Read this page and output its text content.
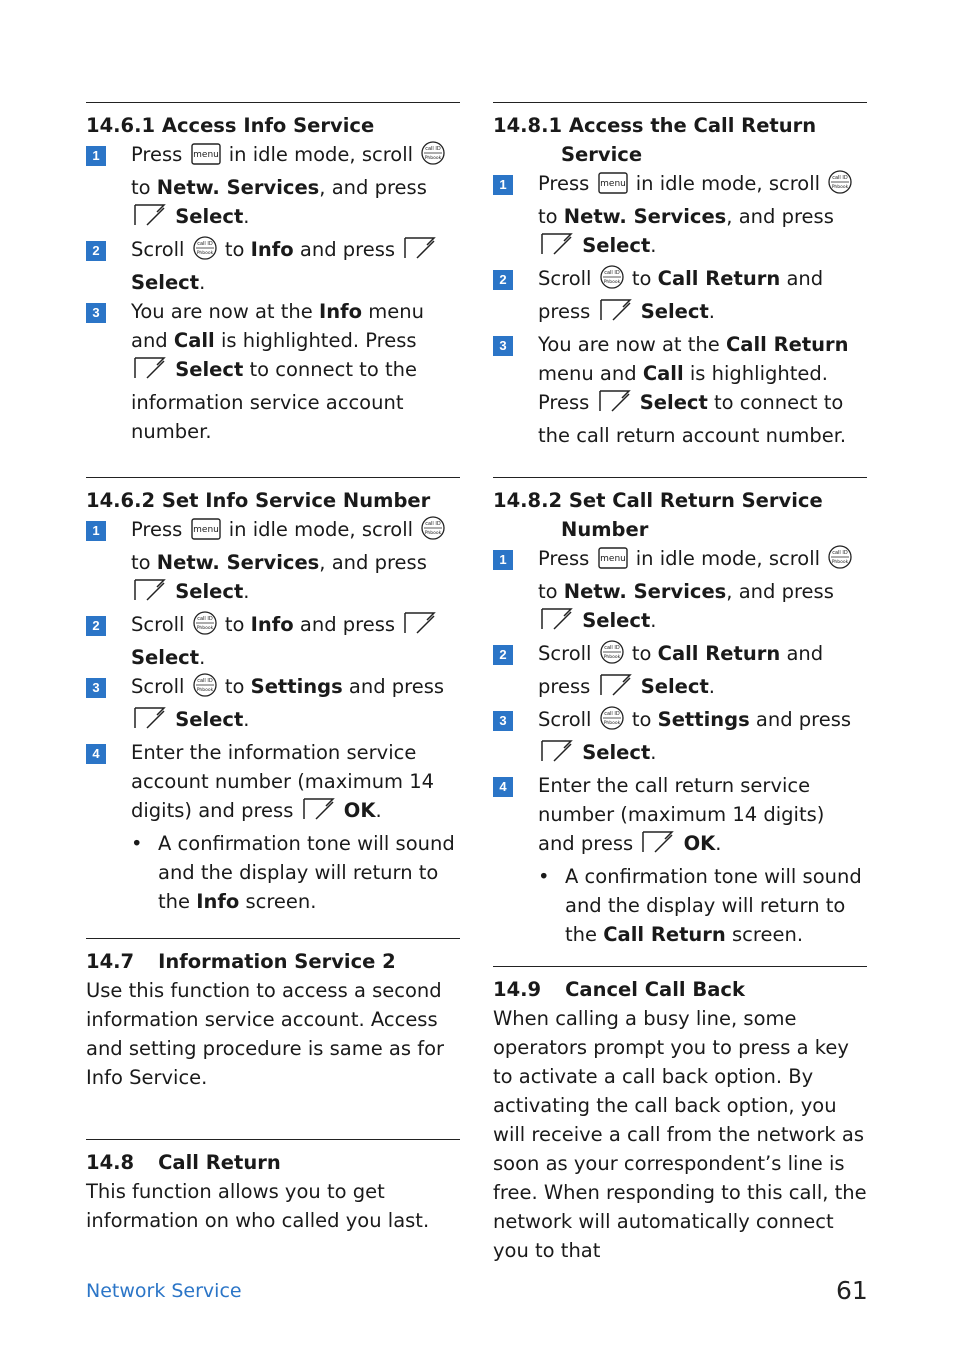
14.6.1 Access Info Service
1	Press menu in idle mode, scroll call ID
Phbook
to Netw. Services, and press  Select.
2	Scroll call ID
Phbook to Info and press  Select.
3	You are now at the Info menu and Call is highlighted. Press  Select to connect to the information service account number.
14.6.2 Set Info Service Number
1	Press menu in idle mode, scroll call ID
Phbook
to Netw. Services, and press  Select.
2	Scroll call ID
Phbook to Info and press  Select.
3	Scroll call ID
Phbook to Settings and press  Select.
4	Enter the information service account number (maximum 14 digits) and press	OK.
• A confirmation tone will sound and the display will return to the Info screen.
14.7 Information Service 2

Use this function to access a second information service account. Access and setting procedure is same as for Info Service.

14.8 Call Return

This function allows you to get information on who called you last.

14.8.1 Access the Call Return Service
1	Press menu in idle mode, scroll call ID
Phbook
to Netw. Services, and press  Select.
2	Scroll call ID
Phbook to Call Return and press	Select.
3	You are now at the Call Return menu and Call is highlighted. Press	Select to connect to the call return account number.
14.8.2 Set Call Return Service Number
1	Press menu in idle mode, scroll call ID
Phbook
to Netw. Services, and press  Select.
2	Scroll call ID
Phbook to Call Return and press	Select.
3	Scroll call ID
Phbook to Settings and press  Select.
4	Enter the call return service number (maximum 14 digits) and press	OK.
• A confirmation tone will sound and the display will return to the Call Return screen.
14.9 Cancel Call Back

When calling a busy line, some operators prompt you to press a key to activate a call back option. By activating the call back option, you will receive a call from the network as soon as your correspondent’s line is free. When responding to this call, the network will automatically connect you to that

Network Service	61
